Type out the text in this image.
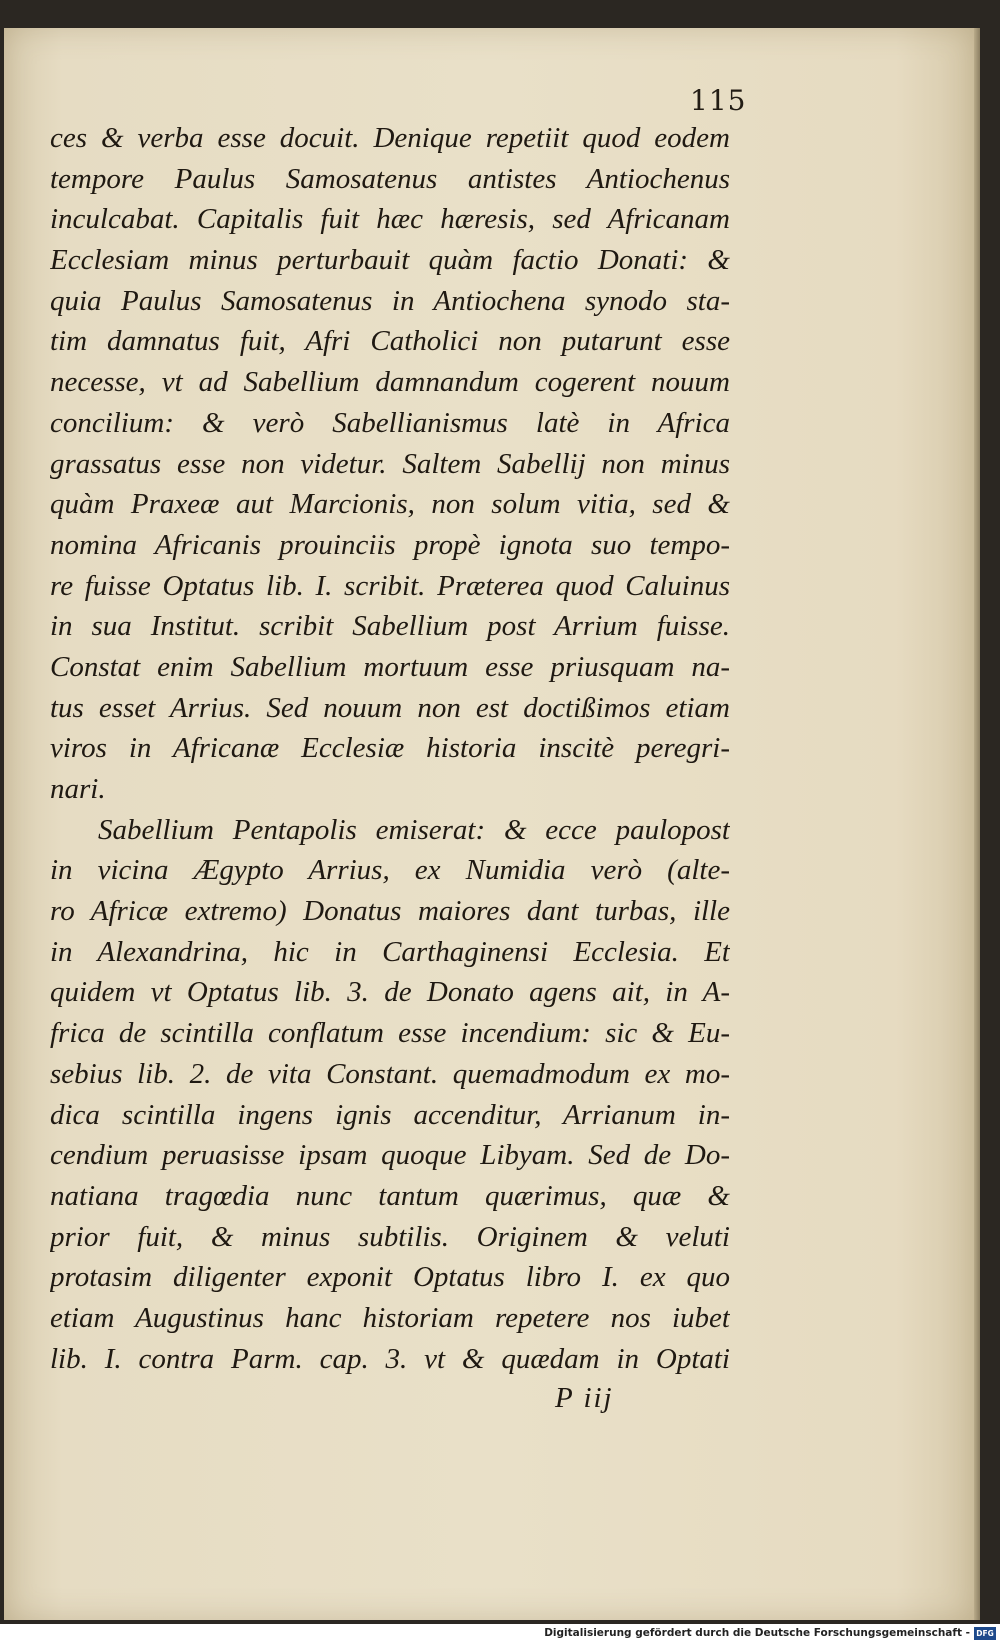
115
ces & verba esse docuit. Denique repetiit quod eodem
tempore Paulus Samosatenus antistes Antiochenus
inculcabat. Capitalis fuit hæc hæresis, sed Africanam
Ecclesiam minus perturbauit quàm factio Donati: &
quia Paulus Samosatenus in Antiochena synodo sta-
tim damnatus fuit, Afri Catholici non putarunt esse
necesse, vt ad Sabellium damnandum cogerent nouum
concilium: & verò Sabellianismus latè in Africa
grassatus esse non videtur. Saltem Sabellij non minus
quàm Praxeæ aut Marcionis, non solum vitia, sed &
nomina Africanis prouinciis propè ignota suo tempo-
re fuisse Optatus lib. I. scribit. Præterea quod Caluinus
in sua Institut. scribit Sabellium post Arrium fuisse.
Constat enim Sabellium mortuum esse priusquam na-
tus esset Arrius. Sed nouum non est doctißimos etiam
viros in Africanæ Ecclesiæ historia inscitè peregri-
nari.
Sabellium Pentapolis emiserat: & ecce paulopost
in vicina Ægypto Arrius, ex Numidia verò (alte-
ro Africæ extremo) Donatus maiores dant turbas, ille
in Alexandrina, hic in Carthaginensi Ecclesia. Et
quidem vt Optatus lib. 3. de Donato agens ait, in A-
frica de scintilla conflatum esse incendium: sic & Eu-
sebius lib. 2. de vita Constant. quemadmodum ex mo-
dica scintilla ingens ignis accenditur, Arrianum in-
cendium peruasisse ipsam quoque Libyam. Sed de Do-
natiana tragœdia nunc tantum quærimus, quæ &
prior fuit, & minus subtilis. Originem & veluti
protasim diligenter exponit Optatus libro I. ex quo
etiam Augustinus hanc historiam repetere nos iubet
lib. I. contra Parm. cap. 3. vt & quædam in Optati
P iij
Digitalisierung gefördert durch die Deutsche Forschungsgemeinschaft - DFG
